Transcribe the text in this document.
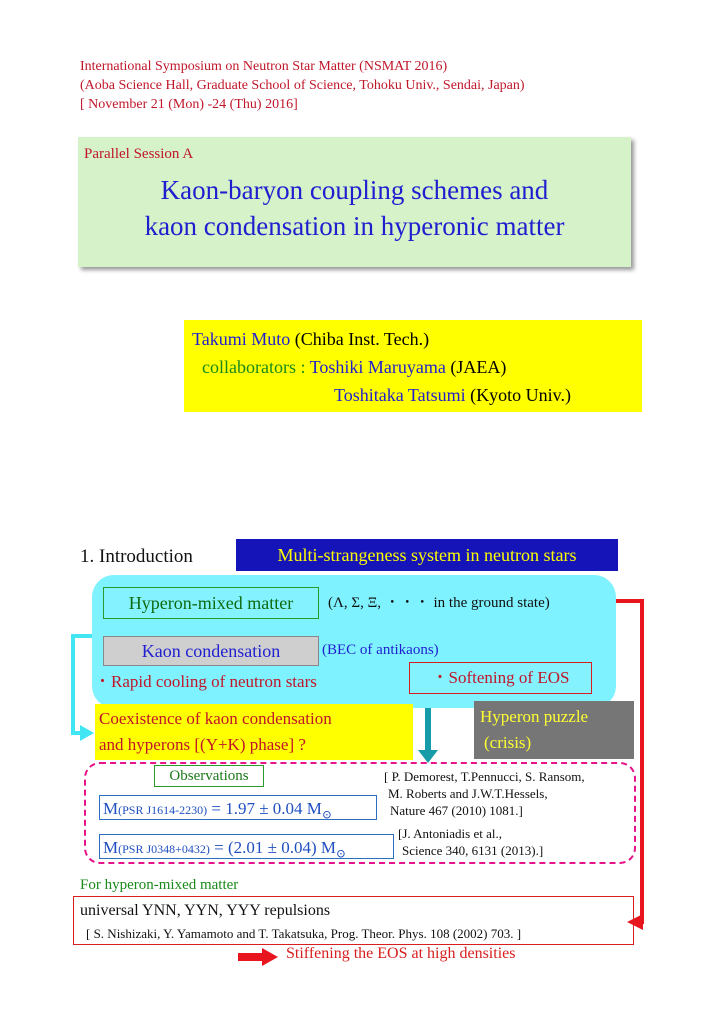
International Symposium on Neutron Star Matter (NSMAT 2016)
(Aoba Science Hall, Graduate School of Science, Tohoku Univ., Sendai, Japan)
[ November 21 (Mon) -24 (Thu) 2016]
Parallel Session A
Kaon-baryon coupling schemes and
kaon condensation in hyperonic matter
Takumi Muto (Chiba Inst. Tech.)
collaborators : Toshiki Maruyama (JAEA)
Toshitaka Tatsumi (Kyoto Univ.)
1. Introduction	Multi-strangeness system in neutron stars
Hyperon-mixed matter	(Λ, Σ, Ξ, ・・・ in the ground state)
Kaon condensation	(BEC of antikaons)
・Rapid cooling of neutron stars	・Softening of EOS
Coexistence of kaon condensation
and hyperons [(Y+K) phase] ?
Hyperon puzzle
(crisis)
Observations
M(PSR J1614-2230) = 1.97 ± 0.04 $M_⊙$
M(PSR J0348+0432) = (2.01 ± 0.04) $M_⊙$
[ P. Demorest, T.Pennucci, S. Ransom,
M. Roberts and J.W.T.Hessels,
Nature 467 (2010) 1081.]
[J. Antoniadis et al.,
Science 340, 6131 (2013).]
For hyperon-mixed matter
universal YNN, YYN, YYY repulsions
[ S. Nishizaki, Y. Yamamoto and T. Takatsuka, Prog. Theor. Phys. 108 (2002) 703. ]
Stiffening the EOS at high densities
